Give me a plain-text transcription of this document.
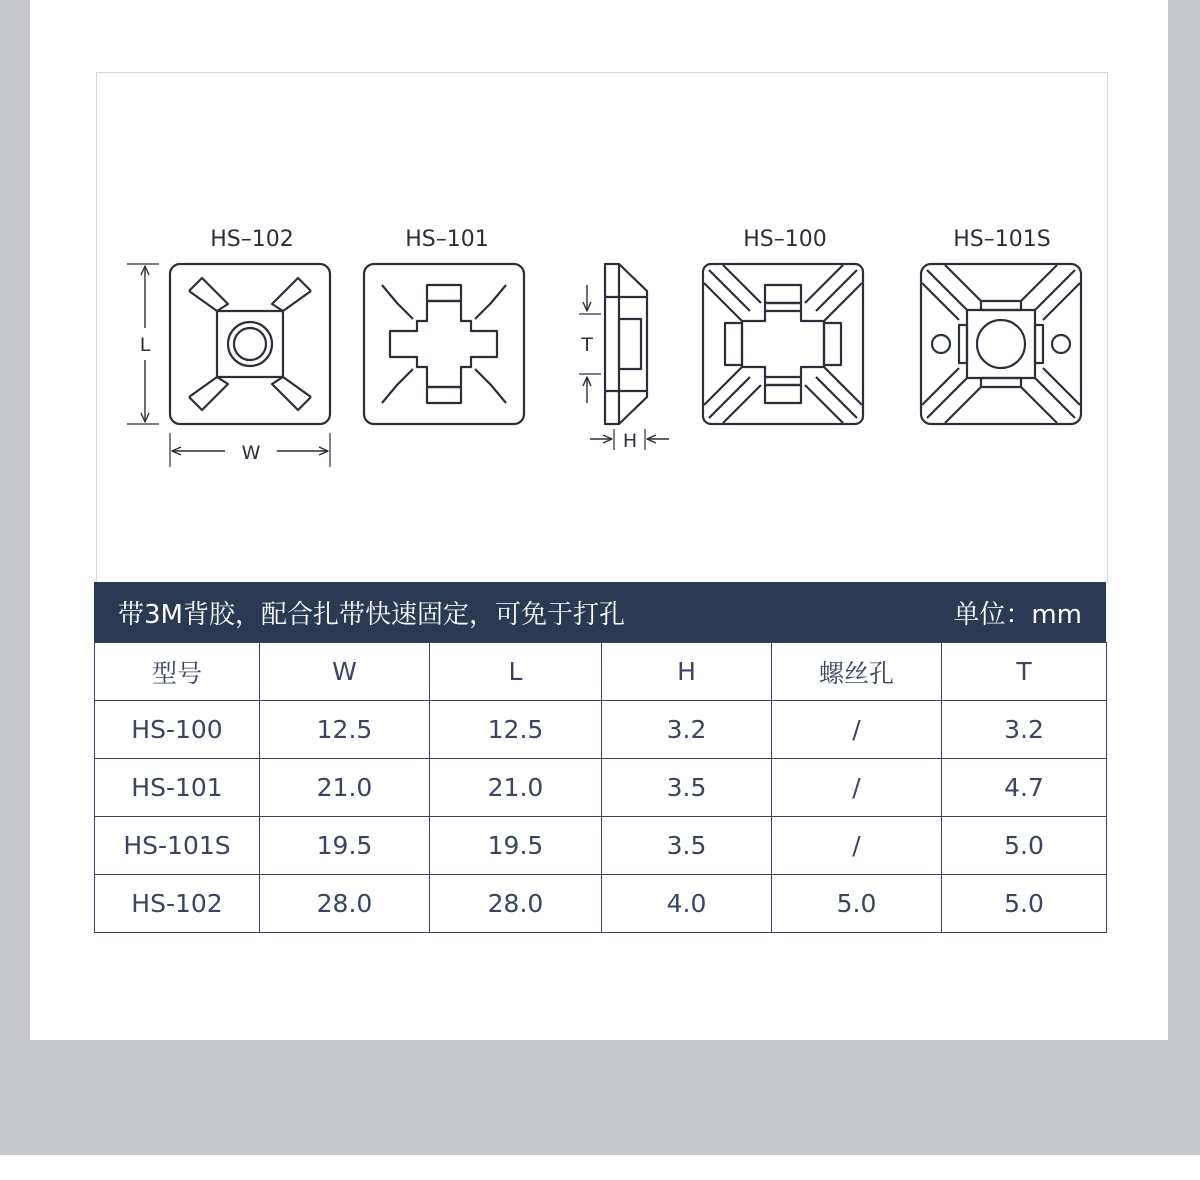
HS–102	HS–101	HS–100	HS–101S
L
W
T
H
带3M背胶，配合扎带快速固定，可免于打孔	单位：mm
型号	W	L	H	螺丝孔	T
HS-100	12.5	12.5	3.2	/	3.2
HS-101	21.0	21.0	3.5	/	4.7
HS-101S	19.5	19.5	3.5	/	5.0
HS-102	28.0	28.0	4.0	5.0	5.0
